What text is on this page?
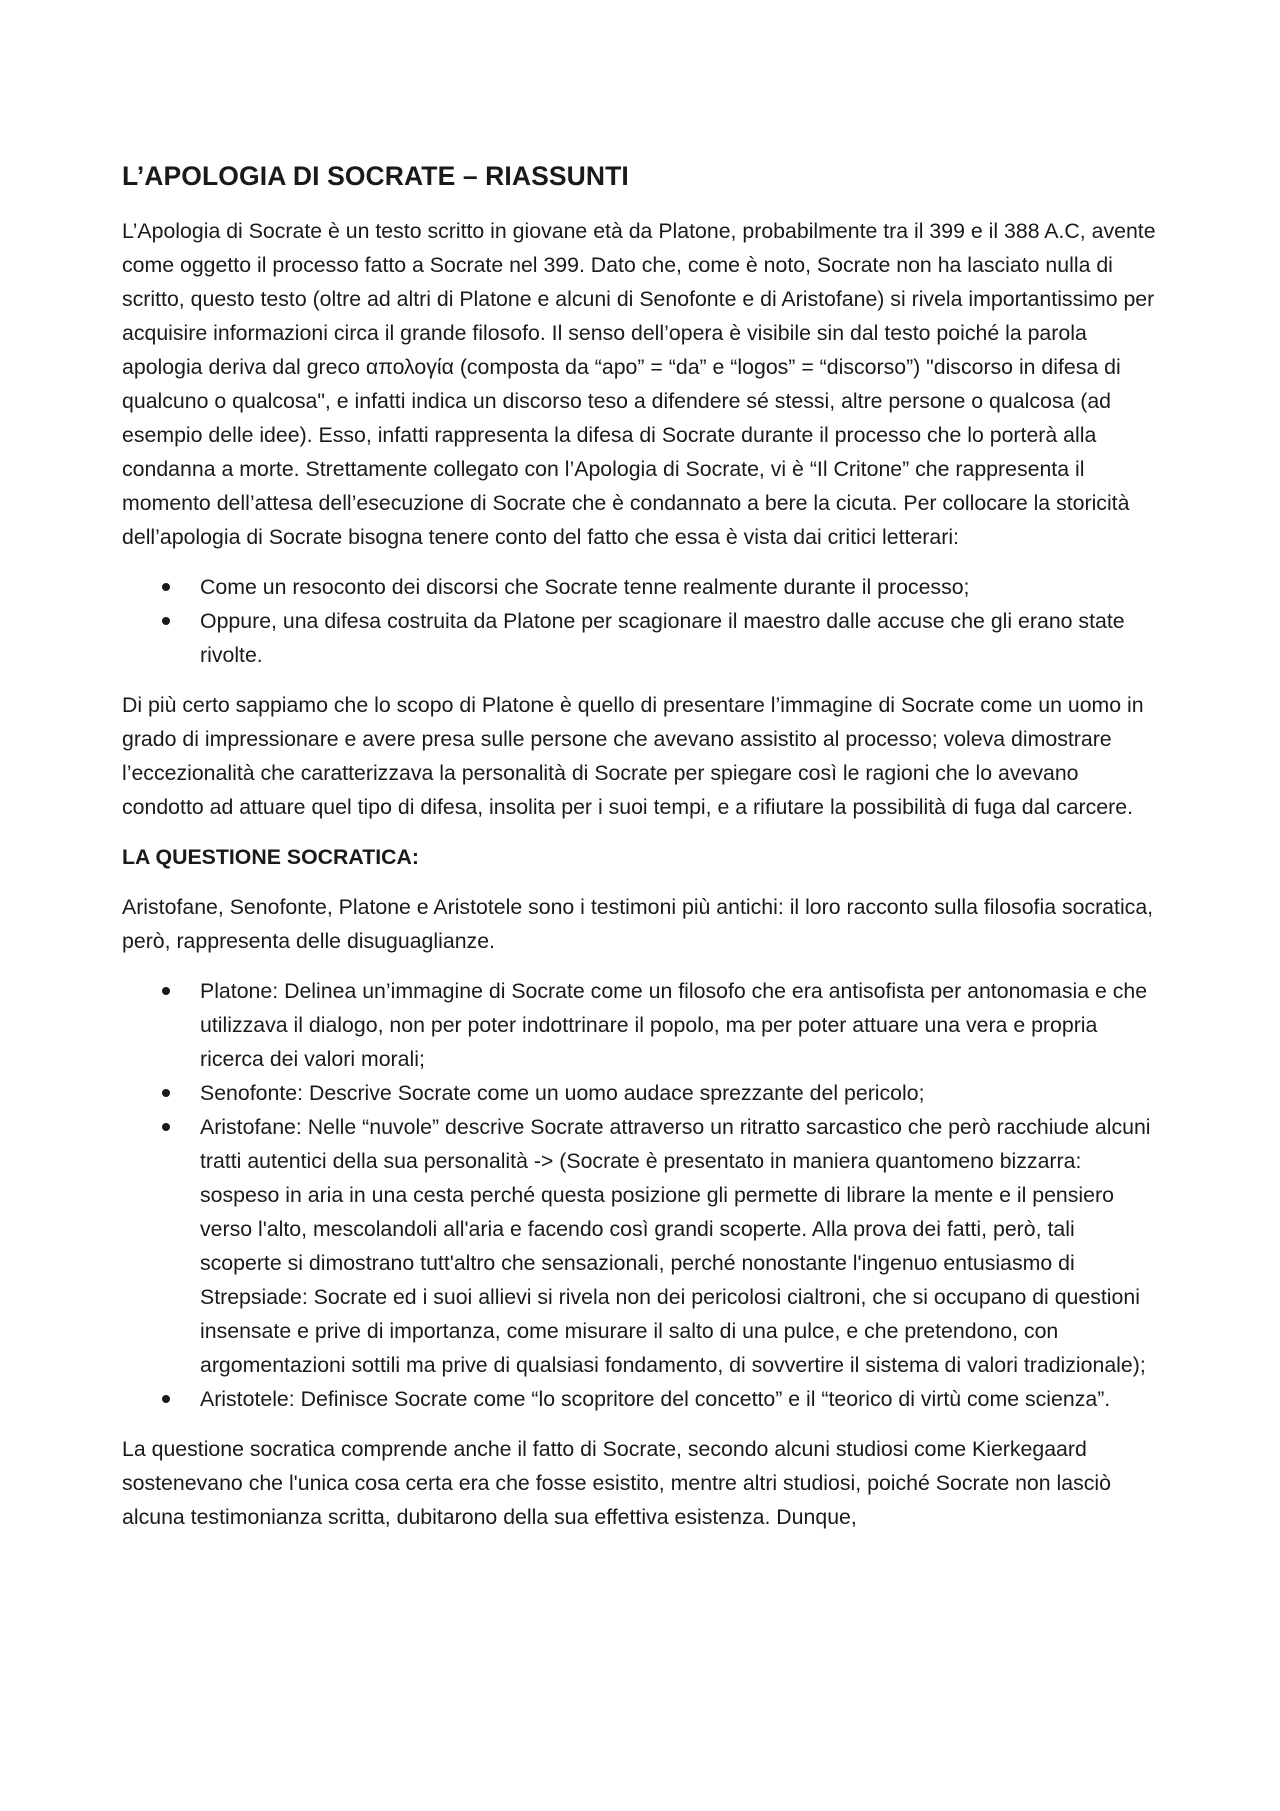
L’APOLOGIA DI SOCRATE – RIASSUNTI

L’Apologia di Socrate è un testo scritto in giovane età da Platone, probabilmente tra il 399 e il 388 A.C, avente come oggetto il processo fatto a Socrate nel 399. Dato che, come è noto, Socrate non ha lasciato nulla di scritto, questo testo (oltre ad altri di Platone e alcuni di Senofonte e di Aristofane) si rivela importantissimo per acquisire informazioni circa il grande filosofo. Il senso dell’opera è visibile sin dal testo poiché la parola apologia deriva dal greco απολογία (composta da “apo” = “da” e “logos” = “discorso”) "discorso in difesa di qualcuno o qualcosa", e infatti indica un discorso teso a difendere sé stessi, altre persone o qualcosa (ad esempio delle idee). Esso, infatti rappresenta la difesa di Socrate durante il processo che lo porterà alla condanna a morte. Strettamente collegato con l’Apologia di Socrate, vi è “Il Critone” che rappresenta il momento dell’attesa dell’esecuzione di Socrate che è condannato a bere la cicuta. Per collocare la storicità dell’apologia di Socrate bisogna tenere conto del fatto che essa è vista dai critici letterari:

Come un resoconto dei discorsi che Socrate tenne realmente durante il processo;
Oppure, una difesa costruita da Platone per scagionare il maestro dalle accuse che gli erano state rivolte.

Di più certo sappiamo che lo scopo di Platone è quello di presentare l’immagine di Socrate come un uomo in grado di impressionare e avere presa sulle persone che avevano assistito al processo; voleva dimostrare l’eccezionalità che caratterizzava la personalità di Socrate per spiegare così le ragioni che lo avevano condotto ad attuare quel tipo di difesa, insolita per i suoi tempi, e a rifiutare la possibilità di fuga dal carcere.

LA QUESTIONE SOCRATICA:

Aristofane, Senofonte, Platone e Aristotele sono i testimoni più antichi: il loro racconto sulla filosofia socratica, però, rappresenta delle disuguaglianze.

Platone: Delinea un’immagine di Socrate come un filosofo che era antisofista per antonomasia e che utilizzava il dialogo, non per poter indottrinare il popolo, ma per poter attuare una vera e propria ricerca dei valori morali;
Senofonte: Descrive Socrate come un uomo audace sprezzante del pericolo;
Aristofane: Nelle “nuvole” descrive Socrate attraverso un ritratto sarcastico che però racchiude alcuni tratti autentici della sua personalità -> (Socrate è presentato in maniera quantomeno bizzarra: sospeso in aria in una cesta perché questa posizione gli permette di librare la mente e il pensiero verso l'alto, mescolandoli all'aria e facendo così grandi scoperte. Alla prova dei fatti, però, tali scoperte si dimostrano tutt'altro che sensazionali, perché nonostante l'ingenuo entusiasmo di Strepsiade: Socrate ed i suoi allievi si rivela non dei pericolosi cialtroni, che si occupano di questioni insensate e prive di importanza, come misurare il salto di una pulce, e che pretendono, con argomentazioni sottili ma prive di qualsiasi fondamento, di sovvertire il sistema di valori tradizionale);
Aristotele: Definisce Socrate come “lo scopritore del concetto” e il “teorico di virtù come scienza”.

La questione socratica comprende anche il fatto di Socrate, secondo alcuni studiosi come Kierkegaard sostenevano che l'unica cosa certa era che fosse esistito, mentre altri studiosi, poiché Socrate non lasciò alcuna testimonianza scritta, dubitarono della sua effettiva esistenza. Dunque,
